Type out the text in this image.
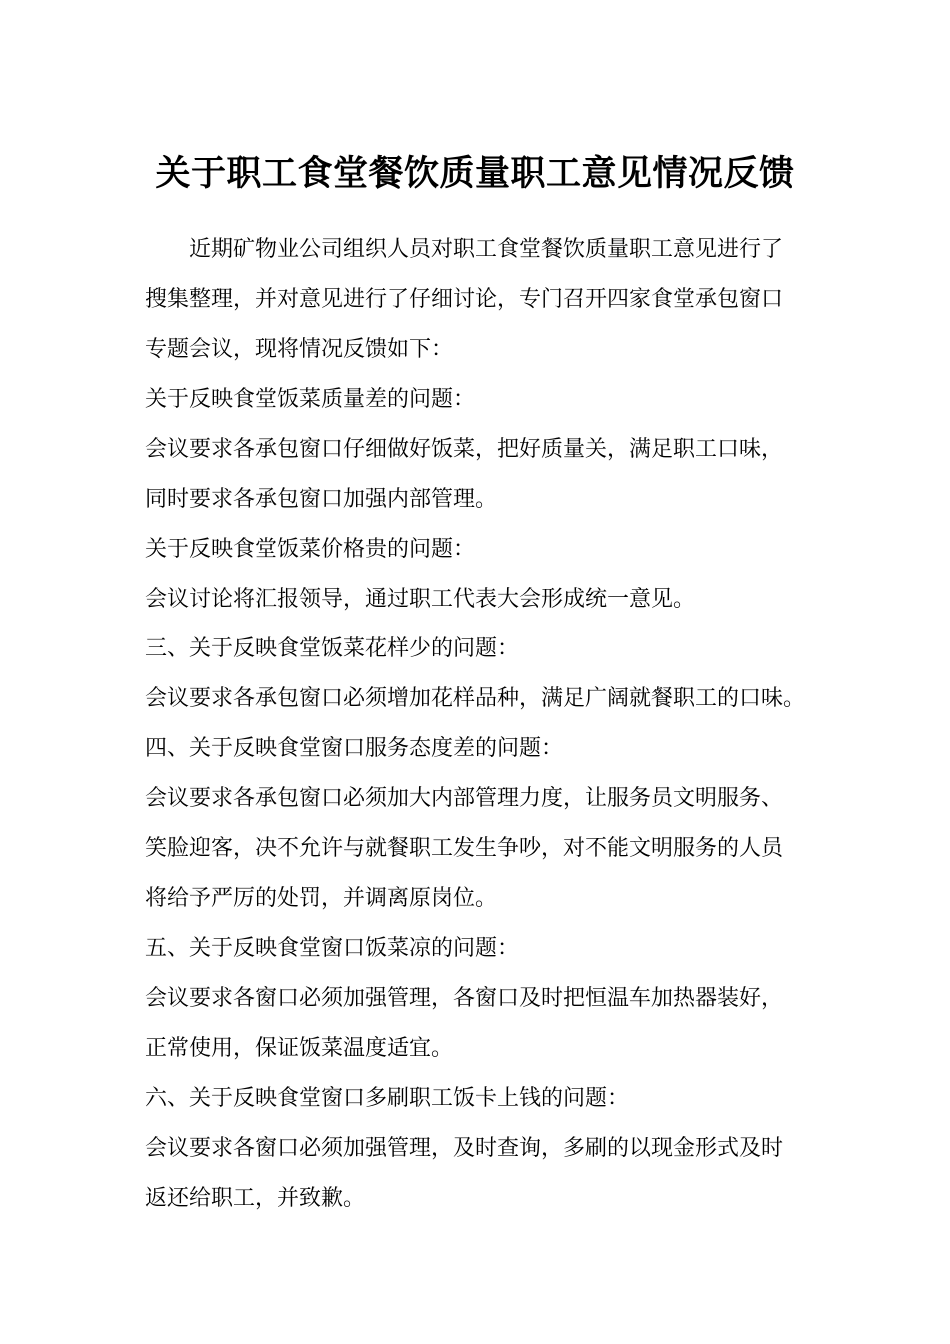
关于职工食堂餐饮质量职工意见情况反馈
近期矿物业公司组织人员对职工食堂餐饮质量职工意见进行了
搜集整理，并对意见进行了仔细讨论，专门召开四家食堂承包窗口
专题会议，现将情况反馈如下：
关于反映食堂饭菜质量差的问题：
会议要求各承包窗口仔细做好饭菜，把好质量关，满足职工口味，
同时要求各承包窗口加强内部管理。
关于反映食堂饭菜价格贵的问题：
会议讨论将汇报领导，通过职工代表大会形成统一意见。
三、关于反映食堂饭菜花样少的问题：
会议要求各承包窗口必须增加花样品种，满足广阔就餐职工的口味。
四、关于反映食堂窗口服务态度差的问题：
会议要求各承包窗口必须加大内部管理力度，让服务员文明服务、
笑脸迎客，决不允许与就餐职工发生争吵，对不能文明服务的人员
将给予严厉的处罚，并调离原岗位。
五、关于反映食堂窗口饭菜凉的问题：
会议要求各窗口必须加强管理，各窗口及时把恒温车加热器装好，
正常使用，保证饭菜温度适宜。
六、关于反映食堂窗口多刷职工饭卡上钱的问题：
会议要求各窗口必须加强管理，及时查询，多刷的以现金形式及时
返还给职工，并致歉。
